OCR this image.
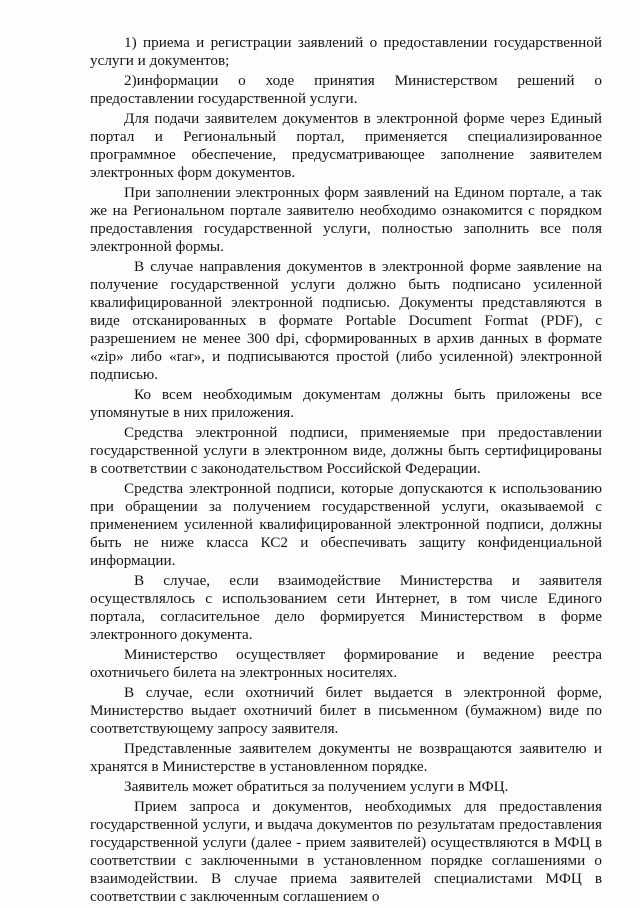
1) приема и регистрации заявлений о предоставлении государственной услуги и документов;

2)информации о ходе принятия Министерством решений о предоставлении государственной услуги.

Для подачи заявителем документов в электронной форме через Единый портал и Региональный портал, применяется специализированное программное обеспечение, предусматривающее заполнение заявителем электронных форм документов.

При заполнении электронных форм заявлений на Едином портале, а так же на Региональном портале заявителю необходимо ознакомится с порядком предоставления государственной услуги, полностью заполнить все поля электронной формы.

В случае направления документов в электронной форме заявление на получение государственной услуги должно быть подписано усиленной квалифицированной электронной подписью. Документы представляются в виде отсканированных в формате Portable Document Format (PDF), с разрешением не менее 300 dpi, сформированных в архив данных в формате «zip» либо «rar», и подписываются простой (либо усиленной) электронной подписью.

Ко всем необходимым документам должны быть приложены все упомянутые в них приложения.

Средства электронной подписи, применяемые при предоставлении государственной услуги в электронном виде, должны быть сертифицированы в соответствии с законодательством Российской Федерации.

Средства электронной подписи, которые допускаются к использованию при обращении за получением государственной услуги, оказываемой с применением усиленной квалифицированной электронной подписи, должны быть не ниже класса КС2 и обеспечивать защиту конфиденциальной информации.

В случае, если взаимодействие Министерства и заявителя осуществлялось с использованием сети Интернет, в том числе Единого портала, согласительное дело формируется Министерством в форме электронного документа.

Министерство осуществляет формирование и ведение реестра охотничьего билета на электронных носителях.

В случае, если охотничий билет выдается в электронной форме, Министерство выдает охотничий билет в письменном (бумажном) виде по соответствующему запросу заявителя.

Представленные заявителем документы не возвращаются заявителю и хранятся в Министерстве в установленном порядке.

Заявитель может обратиться за получением услуги в МФЦ.

Прием запроса и документов, необходимых для предоставления государственной услуги, и выдача документов по результатам предоставления государственной услуги (далее - прием заявителей) осуществляются в МФЦ в соответствии с заключенными в установленном порядке соглашениями о взаимодействии. В случае приема заявителей специалистами МФЦ в соответствии с заключенным соглашением о
